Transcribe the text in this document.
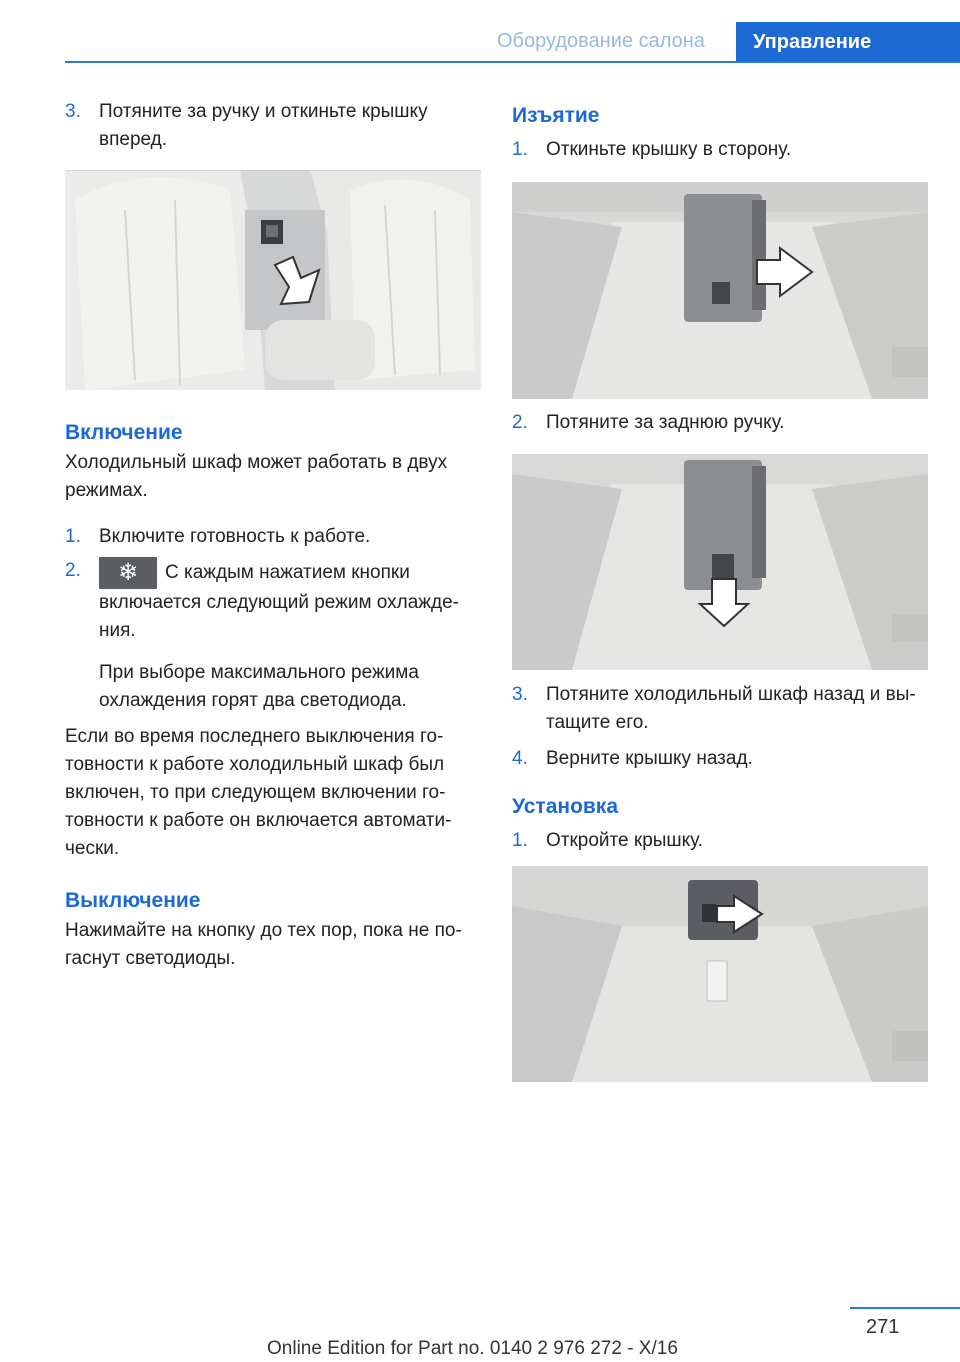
Оборудование салона Управление
3. Потяните за ручку и откиньте крышку
вперед.
Включение
Холодильный шкаф может работать в двух
режимах.
1. Включите готовность к работе.
2.	❄	С каждым нажатием кнопки
включается следующий режим охлажде-
ния.
При выборе максимального режима
охлаждения горят два светодиода.
Если во время последнего выключения го-
товности к работе холодильный шкаф был
включен, то при следующем включении го-
товности к работе он включается автомати-
чески.
Выключение
Нажимайте на кнопку до тех пор, пока не по-
гаснут светодиоды.
Изъятие
1. Откиньте крышку в сторону.
2. Потяните за заднюю ручку.
3. Потяните холодильный шкаф назад и вы-
тащите его.
4. Верните крышку назад.
Установка
1. Откройте крышку.
271
Online Edition for Part no. 0140 2 976 272 - X/16
